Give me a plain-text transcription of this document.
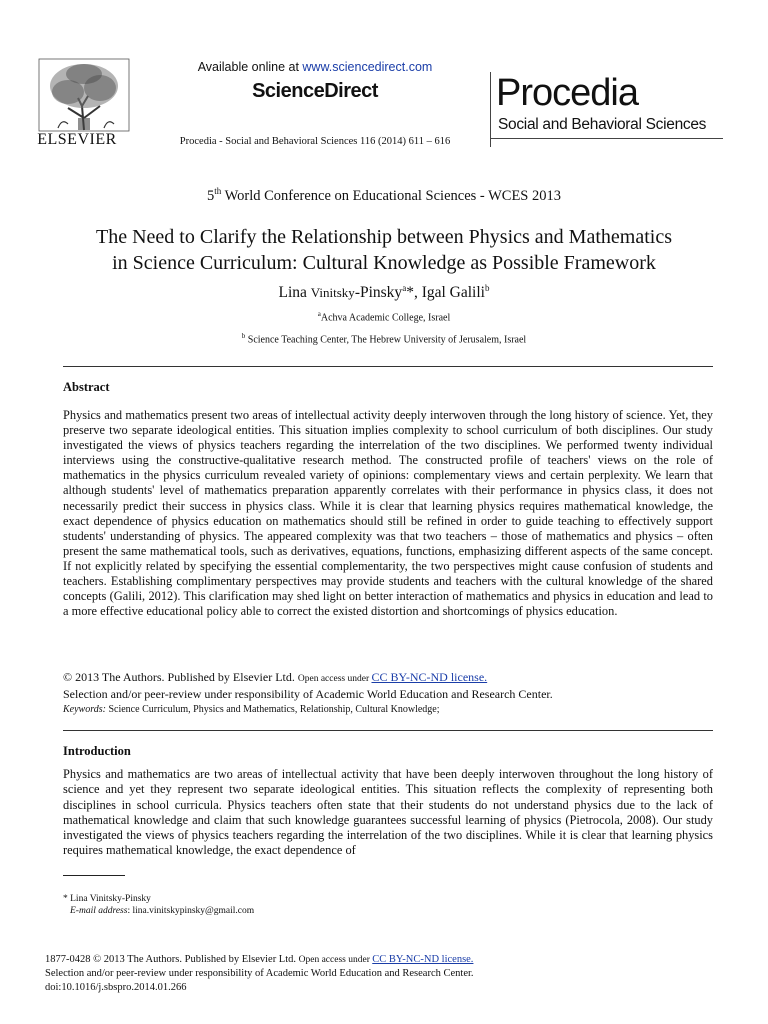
ELSEVIER
Available online at www.sciencedirect.com
ScienceDirect
Procedia - Social and Behavioral Sciences 116 (2014) 611 – 616
Procedia
Social and Behavioral Sciences
5th World Conference on Educational Sciences - WCES 2013
The Need to Clarify the Relationship between Physics and Mathematics
in Science Curriculum: Cultural Knowledge as Possible Framework
Lina Vinitsky-Pinsky$^a$*, Igal Galili$^b$
$^a$Achva Academic College, Israel
$^b$ Science Teaching Center, The Hebrew University of Jerusalem, Israel
Abstract
Physics and mathematics present two areas of intellectual activity deeply interwoven through the long history of science. Yet, they preserve two separate ideological entities. This situation implies complexity to school curriculum of both disciplines. Our study investigated the views of physics teachers regarding the interrelation of the two disciplines. We performed twenty individual interviews using the constructive-qualitative research method. The constructed profile of teachers' views on the role of mathematics in the physics curriculum revealed variety of opinions: complementary views and certain perplexity. We learn that although students' level of mathematics preparation apparently correlates with their performance in physics class, it does not necessarily predict their success in physics class. While it is clear that learning physics requires mathematical knowledge, the exact dependence of physics education on mathematics should still be refined in order to guide teaching to effectively support students' understanding of physics. The appeared complexity was that two teachers – those of mathematics and physics – often present the same mathematical tools, such as derivatives, equations, functions, emphasizing different aspects of the same concept. If not explicitly related by specifying the essential complementarity, the two perspectives might cause confusion of students and teachers. Establishing complimentary perspectives may provide students and teachers with the cultural knowledge of the shared concepts (Galili, 2012). This clarification may shed light on better interaction of mathematics and physics in education and lead to a more effective educational policy able to correct the existed distortion and shortcomings of physics education.
© 2013 The Authors. Published by Elsevier Ltd. Open access under CC BY-NC-ND license.
Selection and/or peer-review under responsibility of Academic World Education and Research Center.
Keywords: Science Curriculum, Physics and Mathematics, Relationship, Cultural Knowledge;
Introduction
Physics and mathematics are two areas of intellectual activity that have been deeply interwoven throughout the long history of science and yet they represent two separate ideological entities. This situation reflects the complexity of representing both disciplines in school curricula. Physics teachers often state that their students do not understand physics due to the lack of mathematical knowledge and claim that such knowledge guarantees successful learning of physics (Pietrocola, 2008). Our study investigated the views of physics teachers regarding the interrelation of the two disciplines. While it is clear that learning physics requires mathematical knowledge, the exact dependence of
* Lina Vinitsky-Pinsky
E-mail address: lina.vinitskypinsky@gmail.com
1877-0428 © 2013 The Authors. Published by Elsevier Ltd. Open access under CC BY-NC-ND license.
Selection and/or peer-review under responsibility of Academic World Education and Research Center.
doi:10.1016/j.sbspro.2014.01.266
